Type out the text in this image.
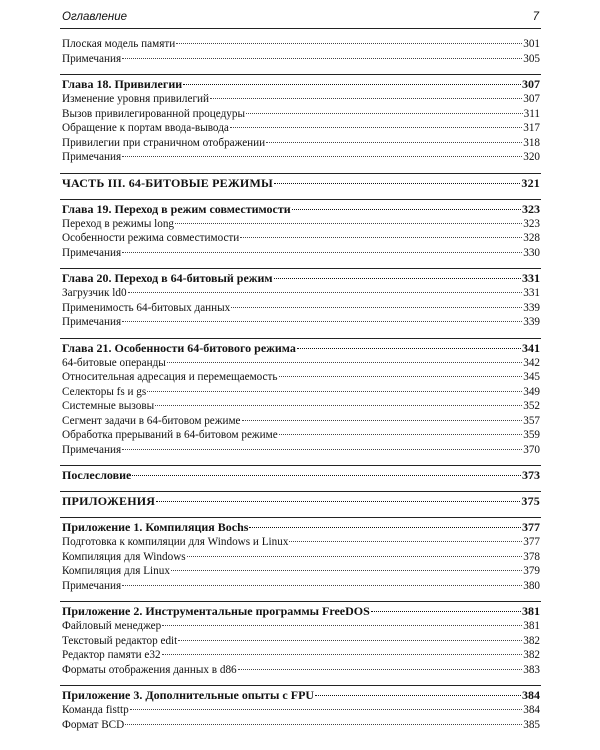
Оглавление	7
Плоская модель памяти	301
Примечания	305
Глава 18. Привилегии	307
Изменение уровня привилегий	307
Вызов привилегированной процедуры	311
Обращение к портам ввода-вывода	317
Привилегии при страничном отображении	318
Примечания	320
ЧАСТЬ III. 64-БИТОВЫЕ РЕЖИМЫ	321
Глава 19. Переход в режим совместимости	323
Переход в режимы long	323
Особенности режима совместимости	328
Примечания	330
Глава 20. Переход в 64-битовый режим	331
Загрузчик ld0	331
Применимость 64-битовых данных	339
Примечания	339
Глава 21. Особенности 64-битового режима	341
64-битовые операнды	342
Относительная адресация и перемещаемость	345
Селекторы fs и gs	349
Системные вызовы	352
Сегмент задачи в 64-битовом режиме	357
Обработка прерываний в 64-битовом режиме	359
Примечания	370
Послесловие	373
ПРИЛОЖЕНИЯ	375
Приложение 1. Компиляция Bochs	377
Подготовка к компиляции для Windows и Linux	377
Компиляция для Windows	378
Компиляция для Linux	379
Примечания	380
Приложение 2. Инструментальные программы FreeDOS	381
Файловый менеджер	381
Текстовый редактор edit	382
Редактор памяти e32	382
Форматы отображения данных в d86	383
Приложение 3. Дополнительные опыты с FPU	384
Команда fisttp	384
Формат BCD	385
